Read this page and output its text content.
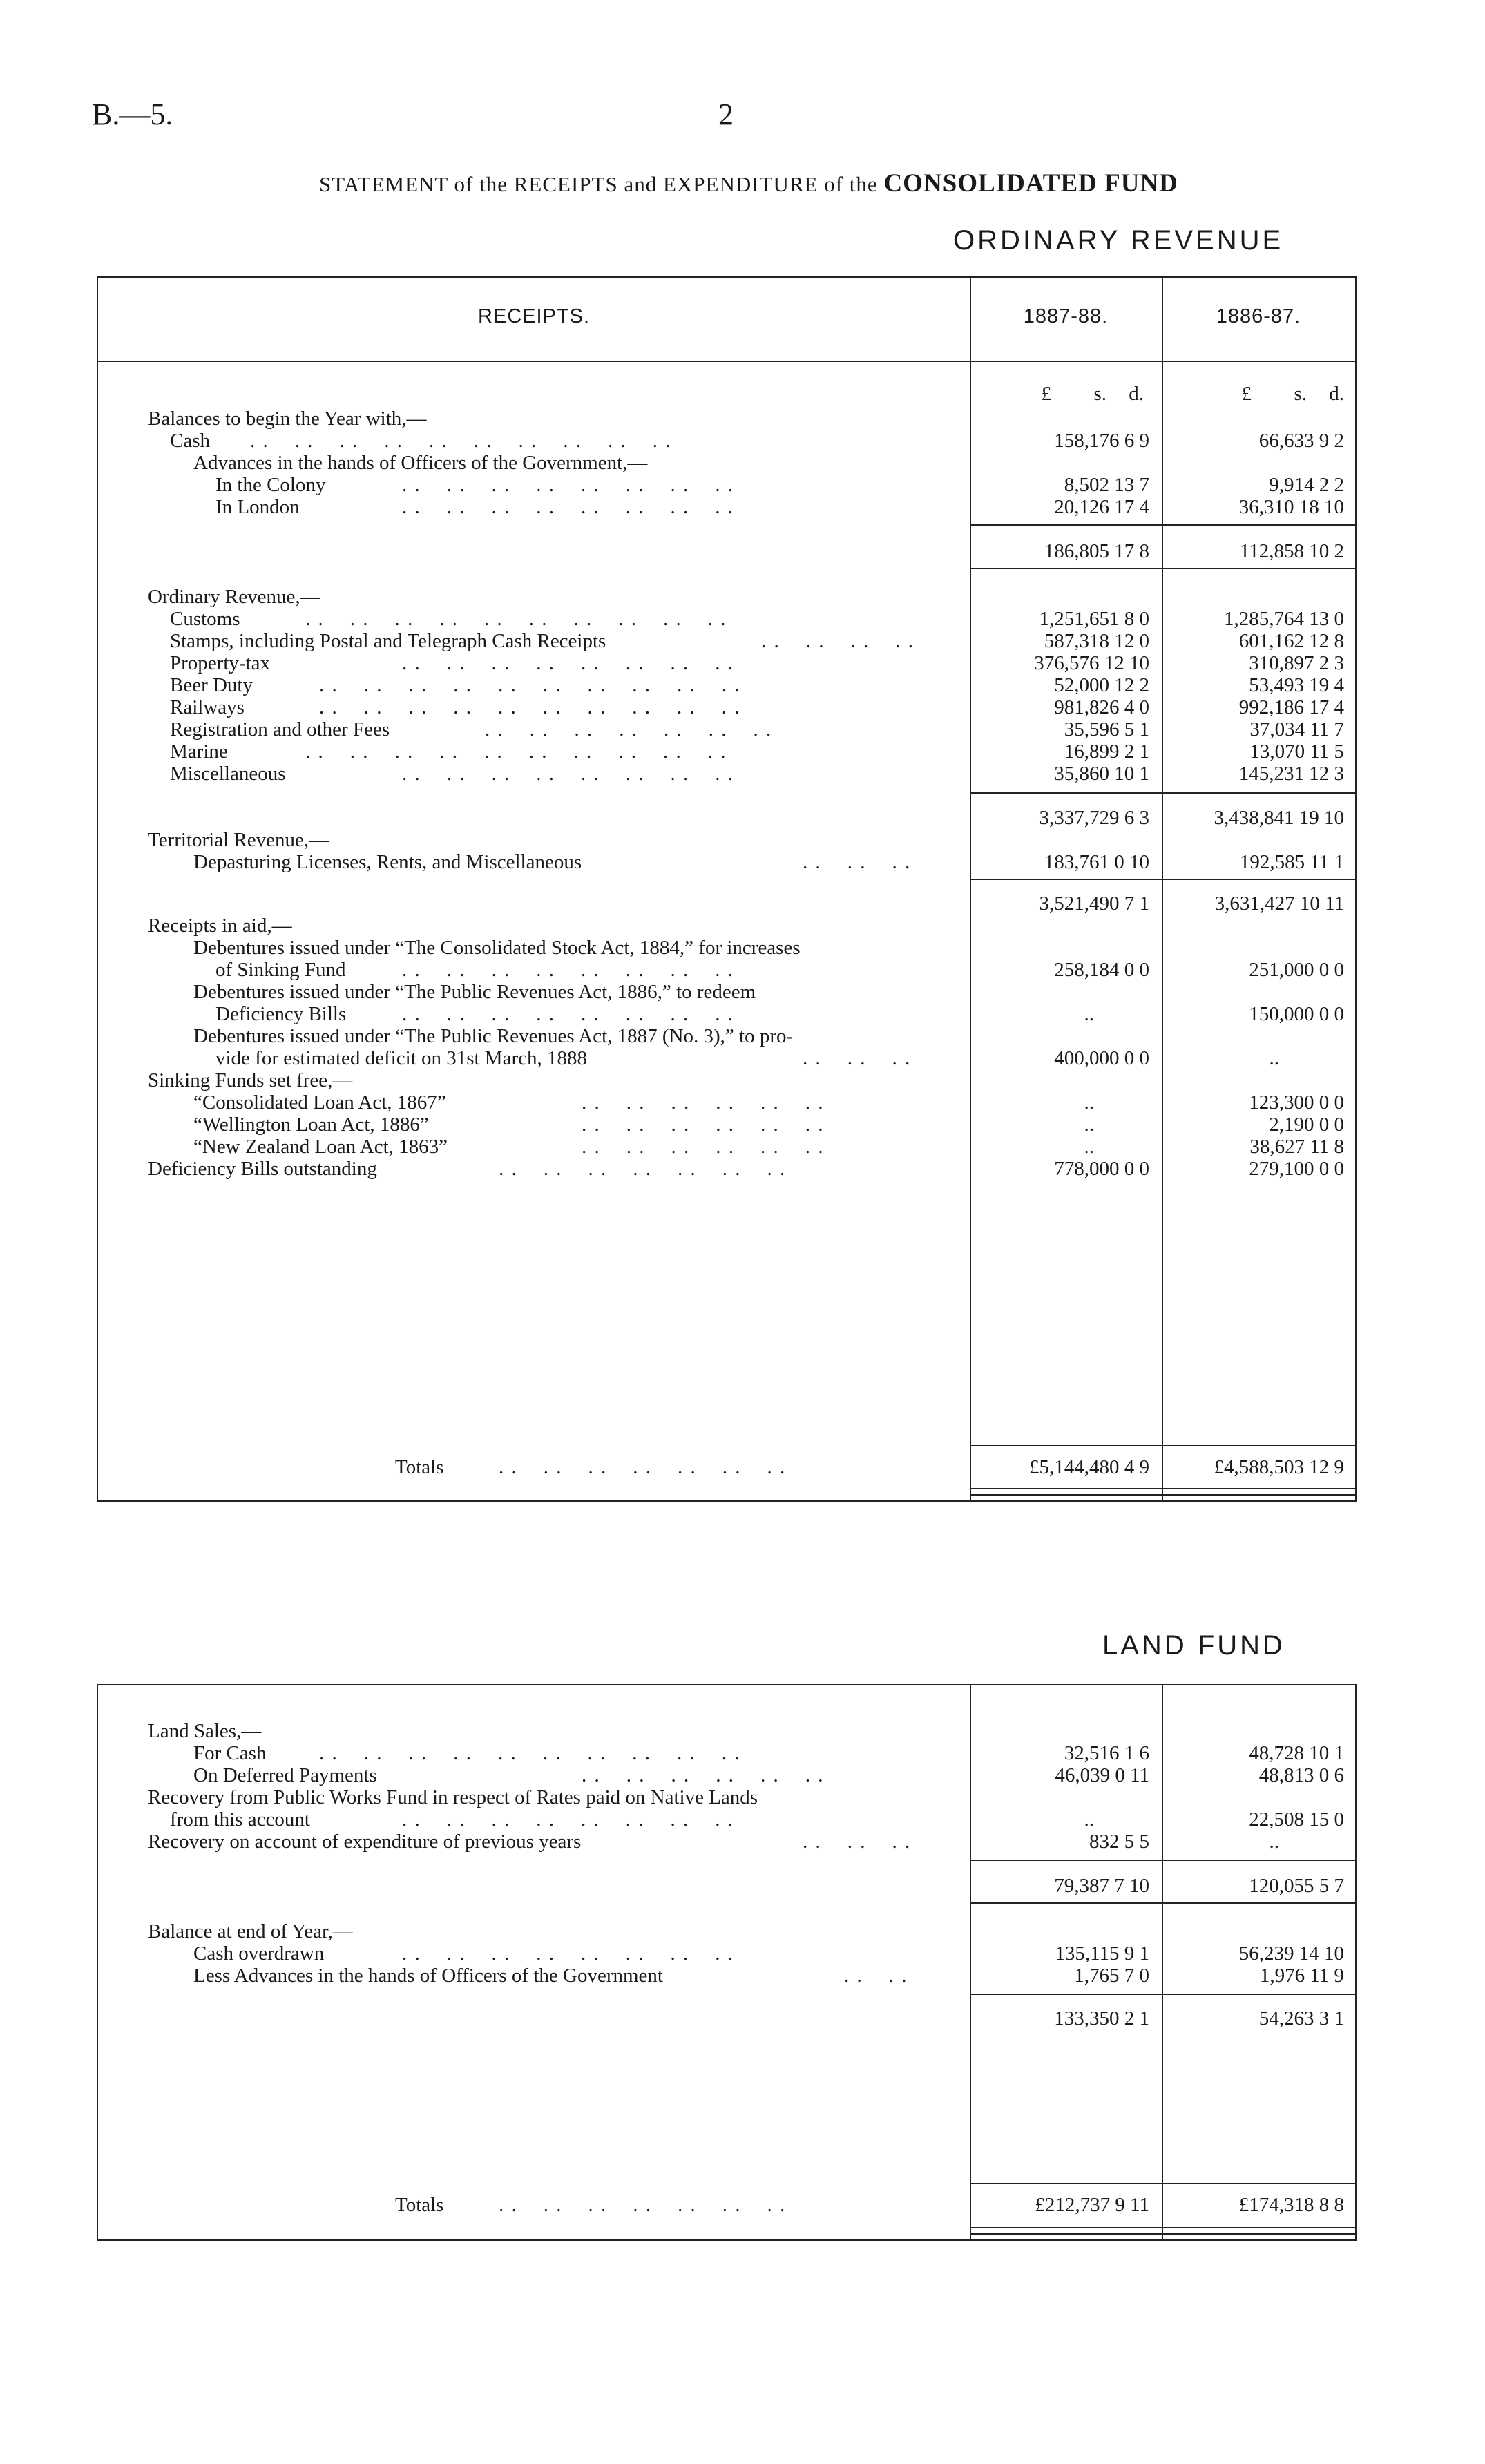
B.—5.	2
STATEMENT of the RECEIPTS and EXPENDITURE of the CONSOLIDATED FUND
ORDINARY REVENUE
RECEIPTS.	1887-88.	1886-87.
£	s.	d.	£	s.	d.
Balances to begin the Year with,—
Cash . .    . .    . .    . .    . .    . .    . .    . .    . .    . .	158,176 6 9	66,633 9 2
Advances in the hands of Officers of the Government,—
In the Colony	. .    . .    . .    . .    . .    . .    . .    . .	8,502 13 7	9,914 2 2
In London	. .    . .    . .    . .    . .    . .    . .    . .	20,126 17 4	36,310 18 10
186,805 17 8	112,858 10 2
Ordinary Revenue,—
Customs	. .    . .    . .    . .    . .    . .    . .    . .    . .    . .	1,251,651 8 0	1,285,764 13 0
Stamps, including Postal and Telegraph Cash Receipts	. .    . .    . .    . .	587,318 12 0	601,162 12 8
Property-tax	. .    . .    . .    . .    . .    . .    . .    . .	376,576 12 10	310,897 2 3
Beer Duty	. .    . .    . .    . .    . .    . .    . .    . .    . .    . .	52,000 12 2	53,493 19 4
Railways	. .    . .    . .    . .    . .    . .    . .    . .    . .    . .	981,826 4 0	992,186 17 4
Registration and other Fees	. .    . .    . .    . .    . .    . .    . .	35,596 5 1	37,034 11 7
Marine	. .    . .    . .    . .    . .    . .    . .    . .    . .    . .	16,899 2 1	13,070 11 5
Miscellaneous	. .    . .    . .    . .    . .    . .    . .    . .	35,860 10 1	145,231 12 3
3,337,729 6 3	3,438,841 19 10
Territorial Revenue,—
Depasturing Licenses, Rents, and Miscellaneous	. .    . .    . .	183,761 0 10	192,585 11 1
3,521,490 7 1	3,631,427 10 11
Receipts in aid,—
Debentures issued under “The Consolidated Stock Act, 1884,” for increases
of Sinking Fund	. .    . .    . .    . .    . .    . .    . .    . .	258,184 0 0	251,000 0 0
Debentures issued under “The Public Revenues Act, 1886,” to redeem
Deficiency Bills	. .    . .    . .    . .    . .    . .    . .    . .	..	150,000 0 0
Debentures issued under “The Public Revenues Act, 1887 (No. 3),” to pro-
vide for estimated deficit on 31st March, 1888	. .    . .    . .	400,000 0 0	..
Sinking Funds set free,—
“Consolidated Loan Act, 1867”	. .    . .    . .    . .    . .    . .	..	123,300 0 0
“Wellington Loan Act, 1886”	. .    . .    . .    . .    . .    . .	..	2,190 0 0
“New Zealand Loan Act, 1863”	. .    . .    . .    . .    . .    . .	..	38,627 11 8
Deficiency Bills outstanding	. .    . .    . .    . .    . .    . .    . .	778,000 0 0	279,100 0 0
Totals	. .    . .    . .    . .    . .    . .    . .	£5,144,480 4 9	£4,588,503 12 9
LAND FUND
Land Sales,—
For Cash	. .    . .    . .    . .    . .    . .    . .    . .    . .    . .	32,516 1 6	48,728 10 1
On Deferred Payments	. .    . .    . .    . .    . .    . .	46,039 0 11	48,813 0 6
Recovery from Public Works Fund in respect of Rates paid on Native Lands
from this account	. .    . .    . .    . .    . .    . .    . .    . .	..	22,508 15 0
Recovery on account of expenditure of previous years	. .    . .    . .	832 5 5	..
79,387 7 10	120,055 5 7
Balance at end of Year,—
Cash overdrawn	. .    . .    . .    . .    . .    . .    . .    . .	135,115 9 1	56,239 14 10
Less Advances in the hands of Officers of the Government	. .    . .	1,765 7 0	1,976 11 9
133,350 2 1	54,263 3 1
Totals	. .    . .    . .    . .    . .    . .    . .	£212,737 9 11	£174,318 8 8
